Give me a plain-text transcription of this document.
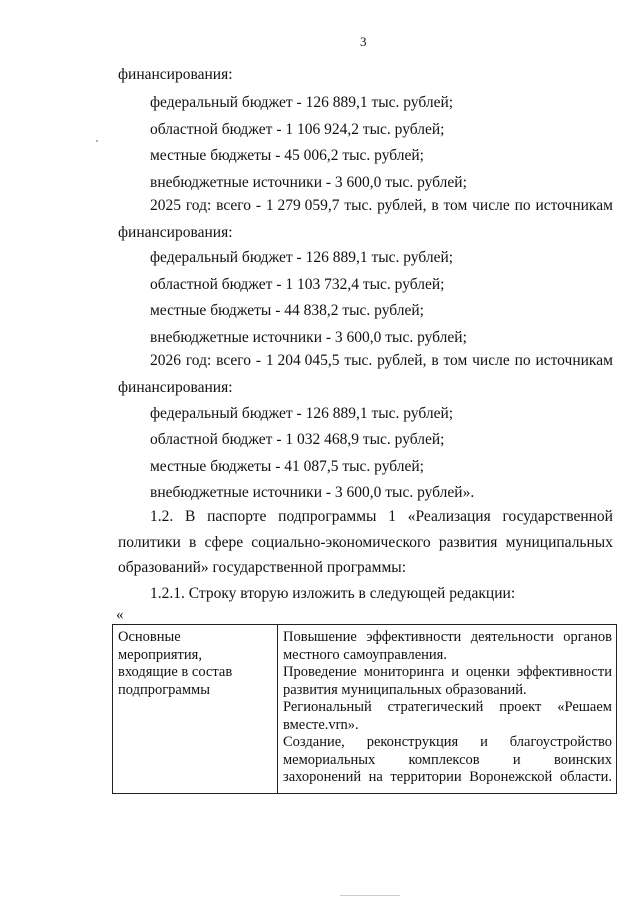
3
финансирования:
федеральный бюджет - 126 889,1 тыс. рублей;
областной бюджет - 1 106 924,2 тыс. рублей;
местные бюджеты - 45 006,2 тыс. рублей;
внебюджетные источники - 3 600,0 тыс. рублей;
2025 год: всего - 1 279 059,7 тыс. рублей, в том числе по источникам
финансирования:
федеральный бюджет - 126 889,1 тыс. рублей;
областной бюджет - 1 103 732,4 тыс. рублей;
местные бюджеты - 44 838,2 тыс. рублей;
внебюджетные источники - 3 600,0 тыс. рублей;
2026 год: всего - 1 204 045,5 тыс. рублей, в том числе по источникам
финансирования:
федеральный бюджет - 126 889,1 тыс. рублей;
областной бюджет - 1 032 468,9 тыс. рублей;
местные бюджеты - 41 087,5 тыс. рублей;
внебюджетные источники - 3 600,0 тыс. рублей».
1.2. В паспорте подпрограммы 1 «Реализация государственной
политики в сфере социально-экономического развития муниципальных
образований» государственной программы:
1.2.1. Строку вторую изложить в следующей редакции:
«
Основные
мероприятия,
входящие в состав
подпрограммы

Повышение эффективности деятельности органов
местного самоуправления.
Проведение мониторинга и оценки эффективности
развития муниципальных образований.
Региональный стратегический проект «Решаем
вместе.vrn».
Создание, реконструкция и благоустройство
мемориальных комплексов и воинских
захоронений на территории Воронежской области.
